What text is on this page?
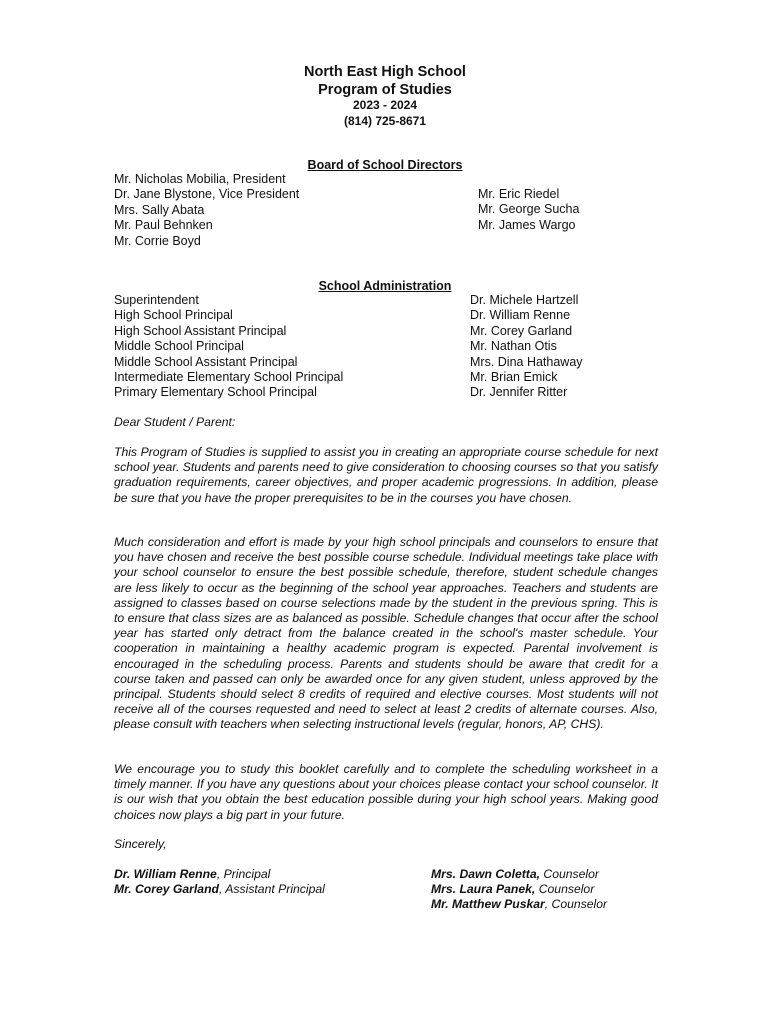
North East High School
Program of Studies
2023 - 2024
(814) 725-8671
Board of School Directors
Mr. Nicholas Mobilia, President
Dr. Jane Blystone, Vice President
Mrs. Sally Abata
Mr. Paul Behnken
Mr. Corrie Boyd
Mr. Eric Riedel
Mr. George Sucha
Mr. James Wargo
School Administration
Superintendent
High School Principal
High School Assistant Principal
Middle School Principal
Middle School Assistant Principal
Intermediate Elementary School Principal
Primary Elementary School Principal
Dr. Michele Hartzell
Dr. William Renne
Mr. Corey Garland
Mr. Nathan Otis
Mrs. Dina Hathaway
Mr. Brian Emick
Dr. Jennifer Ritter
Dear Student / Parent:
This Program of Studies is supplied to assist you in creating an appropriate course schedule for next school year. Students and parents need to give consideration to choosing courses so that you satisfy graduation requirements, career objectives, and proper academic progressions. In addition, please be sure that you have the proper prerequisites to be in the courses you have chosen.
Much consideration and effort is made by your high school principals and counselors to ensure that you have chosen and receive the best possible course schedule. Individual meetings take place with your school counselor to ensure the best possible schedule, therefore, student schedule changes are less likely to occur as the beginning of the school year approaches. Teachers and students are assigned to classes based on course selections made by the student in the previous spring. This is to ensure that class sizes are as balanced as possible. Schedule changes that occur after the school year has started only detract from the balance created in the school's master schedule. Your cooperation in maintaining a healthy academic program is expected. Parental involvement is encouraged in the scheduling process. Parents and students should be aware that credit for a course taken and passed can only be awarded once for any given student, unless approved by the principal. Students should select 8 credits of required and elective courses. Most students will not receive all of the courses requested and need to select at least 2 credits of alternate courses. Also, please consult with teachers when selecting instructional levels (regular, honors, AP, CHS).
We encourage you to study this booklet carefully and to complete the scheduling worksheet in a timely manner. If you have any questions about your choices please contact your school counselor. It is our wish that you obtain the best education possible during your high school years. Making good choices now plays a big part in your future.
Sincerely,
Dr. William Renne, Principal
Mr. Corey Garland, Assistant Principal
Mrs. Dawn Coletta, Counselor
Mrs. Laura Panek, Counselor
Mr. Matthew Puskar, Counselor
